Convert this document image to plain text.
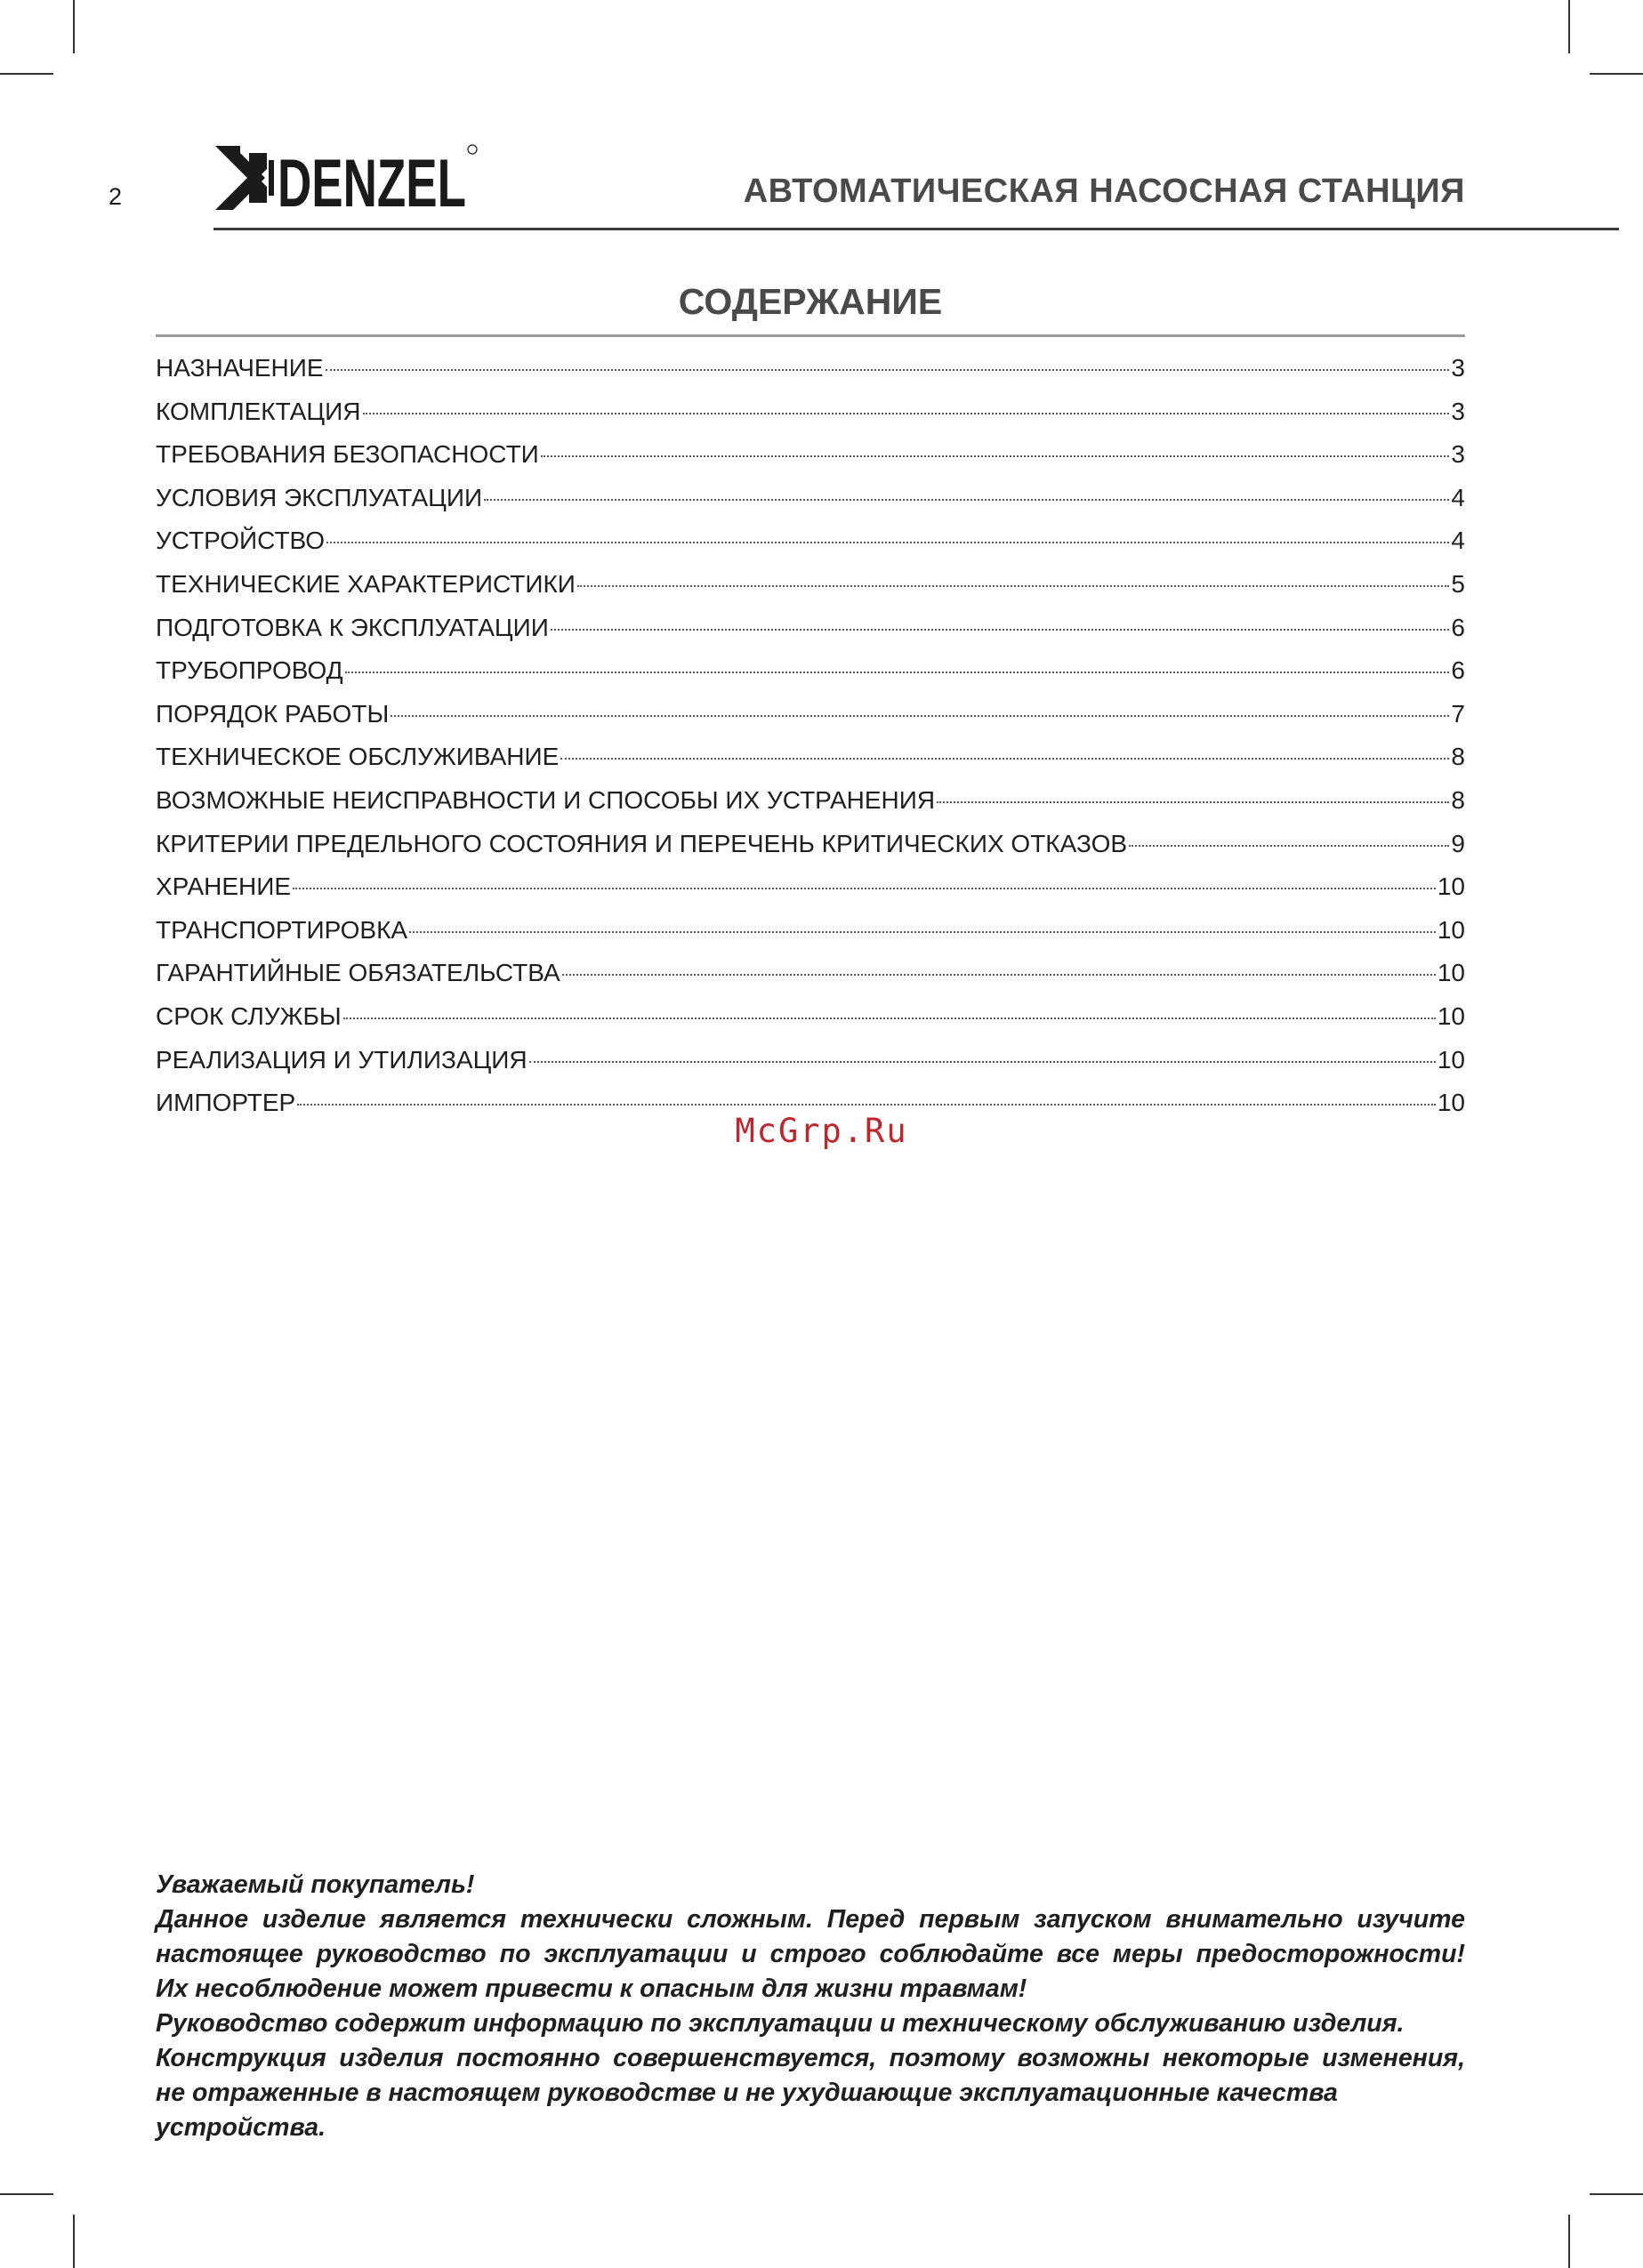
2 DENZEL	АВТОМАТИЧЕСКАЯ НАСОСНАЯ СТАНЦИЯ
СОДЕРЖАНИЕ
НАЗНАЧЕНИЕ	3
КОМПЛЕКТАЦИЯ	3
ТРЕБОВАНИЯ БЕЗОПАСНОСТИ	3
УСЛОВИЯ ЭКСПЛУАТАЦИИ	4
УСТРОЙСТВО	4
ТЕХНИЧЕСКИЕ ХАРАКТЕРИСТИКИ	5
ПОДГОТОВКА К ЭКСПЛУАТАЦИИ	6
ТРУБОПРОВОД	6
ПОРЯДОК РАБОТЫ	7
ТЕХНИЧЕСКОЕ ОБСЛУЖИВАНИЕ	8
ВОЗМОЖНЫЕ НЕИСПРАВНОСТИ И СПОСОБЫ ИХ УСТРАНЕНИЯ	8
КРИТЕРИИ ПРЕДЕЛЬНОГО СОСТОЯНИЯ И ПЕРЕЧЕНЬ КРИТИЧЕСКИХ ОТКАЗОВ	9
ХРАНЕНИЕ	10
ТРАНСПОРТИРОВКА	10
ГАРАНТИЙНЫЕ ОБЯЗАТЕЛЬСТВА	10
СРОК СЛУЖБЫ	10
РЕАЛИЗАЦИЯ И УТИЛИЗАЦИЯ	10
ИМПОРТЕР	10
McGrp.Ru

Уважаемый покупатель!

Данное изделие является технически сложным. Перед первым запуском внимательно изучите

настоящее руководство по эксплуатации и строго соблюдайте все меры предосторожности!

Их несоблюдение может привести к опасным для жизни травмам!

Руководство содержит информацию по эксплуатации и техническому обслуживанию изделия.

Конструкция изделия постоянно совершенствуется, поэтому возможны некоторые изменения,

не отраженные в настоящем руководстве и не ухудшающие эксплуатационные качества устройства.
